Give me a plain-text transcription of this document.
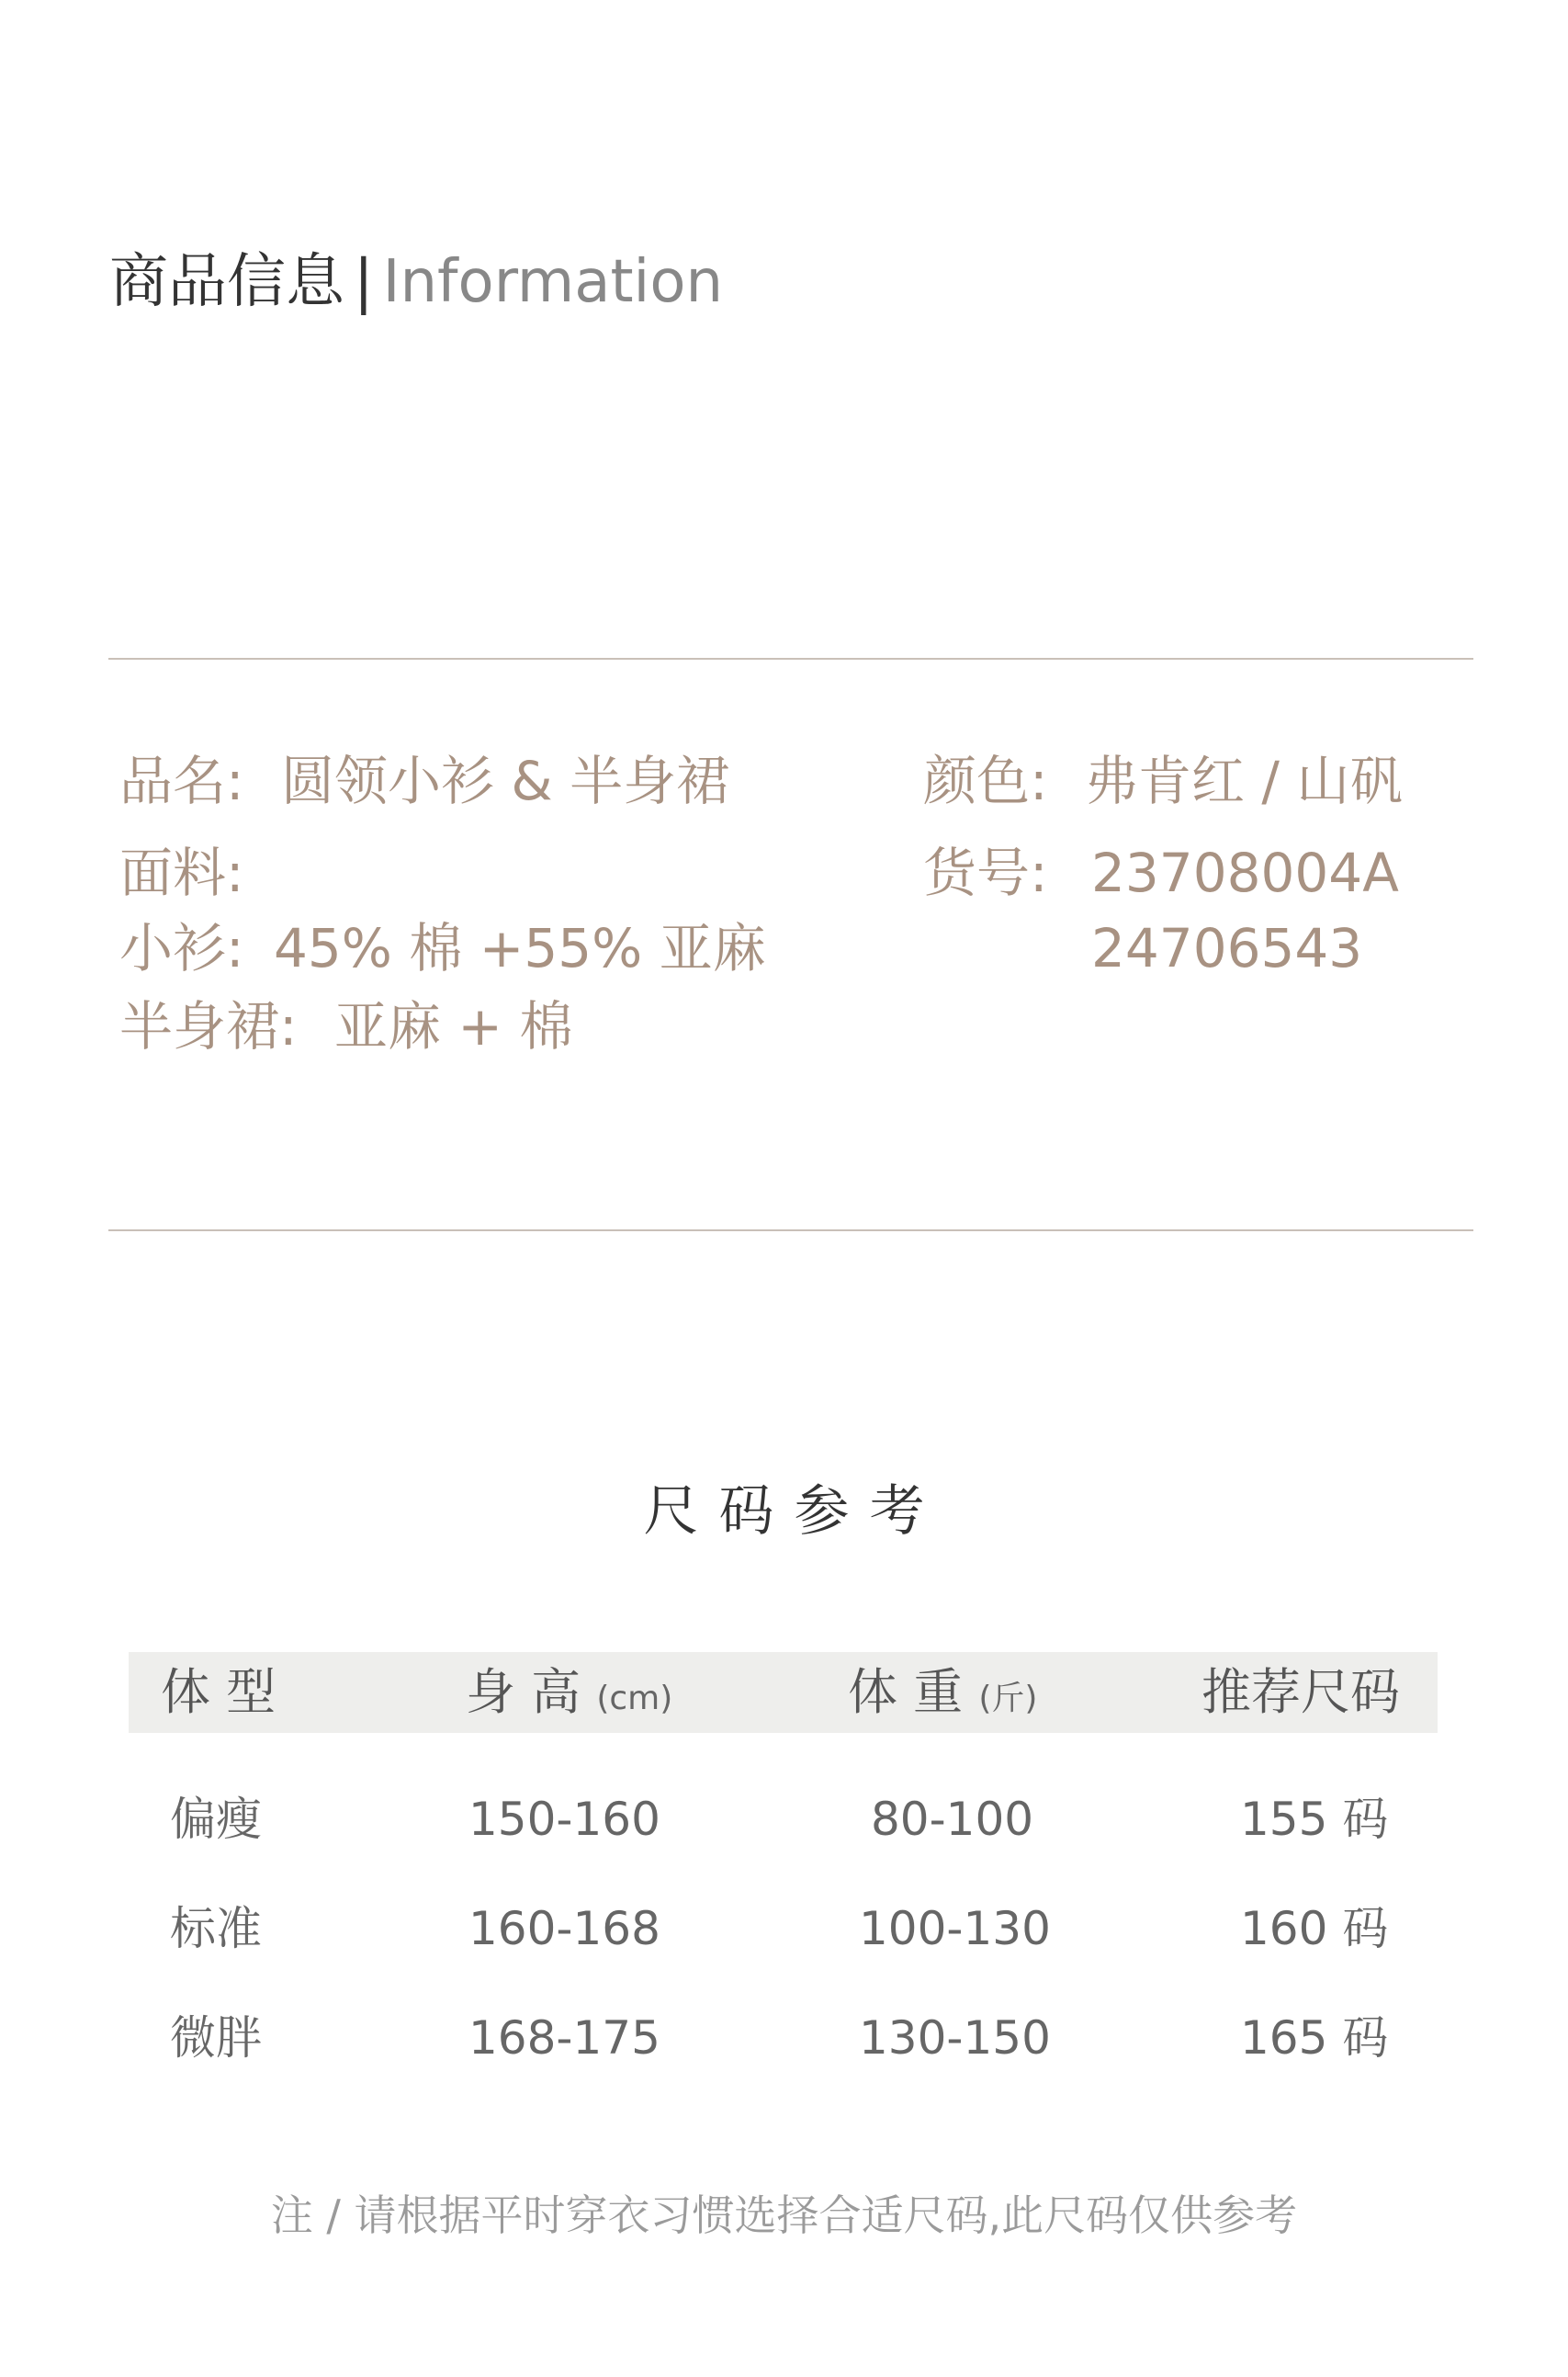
商品信息 | Information
品名: 圆领小衫 & 半身裙
面料:
小衫: 45% 棉 +55% 亚麻
半身裙: 亚麻 + 棉
颜色: 弗肯红 / 山矾
货号: 23708004A
24706543
尺码参考
体 型	身 高 (cm)	体 重 (斤)	推荐尺码
偏瘦	150-160	80-100	155 码
标准	160-168	100-130	160 码
微胖	168-175	130-150	165 码
注 / 请根据平时穿衣习惯选择合适尺码,此尺码仅供参考
